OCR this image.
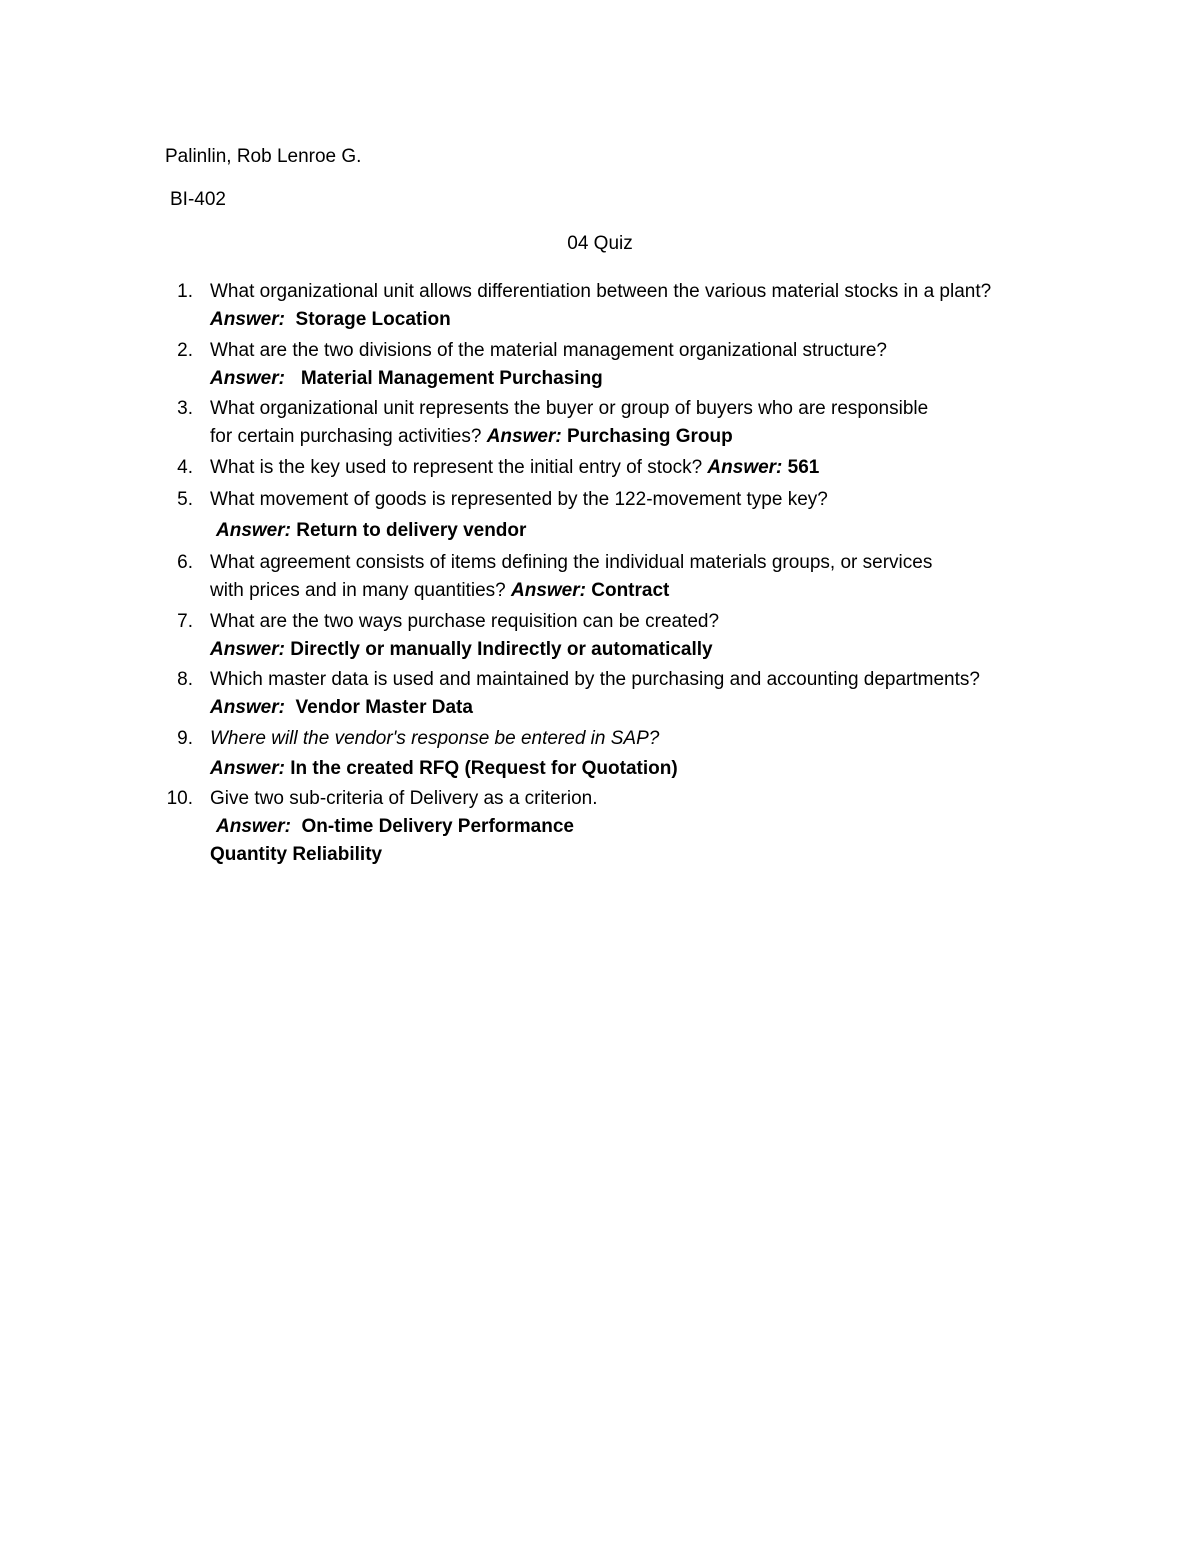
Palinlin, Rob Lenroe G.
BI-402
04 Quiz
1. What organizational unit allows differentiation between the various material stocks in a plant?
Answer: Storage Location
2. What are the two divisions of the material management organizational structure?
Answer: Material Management Purchasing
3. What organizational unit represents the buyer or group of buyers who are responsible
for certain purchasing activities? Answer: Purchasing Group
4. What is the key used to represent the initial entry of stock? Answer: 561
5. What movement of goods is represented by the 122-movement type key?
Answer: Return to delivery vendor
6. What agreement consists of items defining the individual materials groups, or services
with prices and in many quantities? Answer: Contract
7. What are the two ways purchase requisition can be created?
Answer: Directly or manually Indirectly or automatically
8. Which master data is used and maintained by the purchasing and accounting departments?
Answer: Vendor Master Data
9. Where will the vendor's response be entered in SAP?
Answer: In the created RFQ (Request for Quotation)
10. Give two sub-criteria of Delivery as a criterion.
Answer: On-time Delivery Performance
Quantity Reliability
